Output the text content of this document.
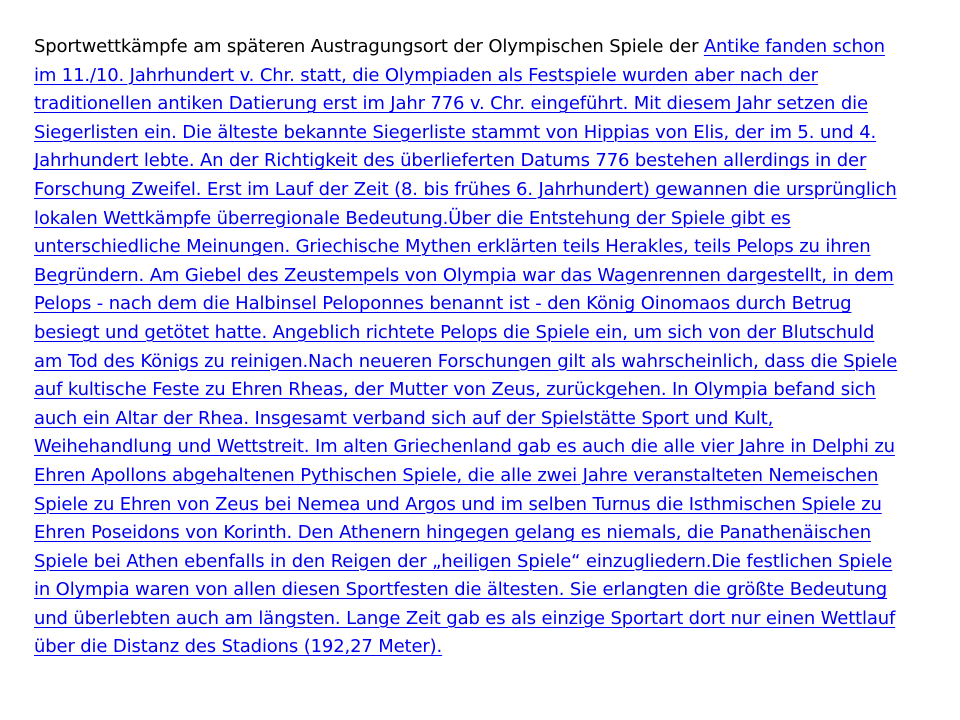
Sportwettkämpfe am späteren Austragungsort der Olympischen Spiele der Antike fanden schon im 11./10. Jahrhundert v. Chr. statt, die Olympiaden als Festspiele wurden aber nach der traditionellen antiken Datierung erst im Jahr 776 v. Chr. eingeführt. Mit diesem Jahr setzen die Siegerlisten ein. Die älteste bekannte Siegerliste stammt von Hippias von Elis, der im 5. und 4. Jahrhundert lebte. An der Richtigkeit des überlieferten Datums 776 bestehen allerdings in der Forschung Zweifel. Erst im Lauf der Zeit (8. bis frühes 6. Jahrhundert) gewannen die ursprünglich lokalen Wettkämpfe überregionale Bedeutung.Über die Entstehung der Spiele gibt es unterschiedliche Meinungen. Griechische Mythen erklärten teils Herakles, teils Pelops zu ihren Begründern. Am Giebel des Zeustempels von Olympia war das Wagenrennen dargestellt, in dem Pelops - nach dem die Halbinsel Peloponnes benannt ist - den König Oinomaos durch Betrug besiegt und getötet hatte. Angeblich richtete Pelops die Spiele ein, um sich von der Blutschuld am Tod des Königs zu reinigen.Nach neueren Forschungen gilt als wahrscheinlich, dass die Spiele auf kultische Feste zu Ehren Rheas, der Mutter von Zeus, zurückgehen. In Olympia befand sich auch ein Altar der Rhea. Insgesamt verband sich auf der Spielstätte Sport und Kult, Weihehandlung und Wettstreit. Im alten Griechenland gab es auch die alle vier Jahre in Delphi zu Ehren Apollons abgehaltenen Pythischen Spiele, die alle zwei Jahre veranstalteten Nemeischen Spiele zu Ehren von Zeus bei Nemea und Argos und im selben Turnus die Isthmischen Spiele zu Ehren Poseidons von Korinth. Den Athenern hingegen gelang es niemals, die Panathenäischen Spiele bei Athen ebenfalls in den Reigen der „heiligen Spiele“ einzugliedern.Die festlichen Spiele in Olympia waren von allen diesen Sportfesten die ältesten. Sie erlangten die größte Bedeutung und überlebten auch am längsten. Lange Zeit gab es als einzige Sportart dort nur einen Wettlauf über die Distanz des Stadions (192,27 Meter).
